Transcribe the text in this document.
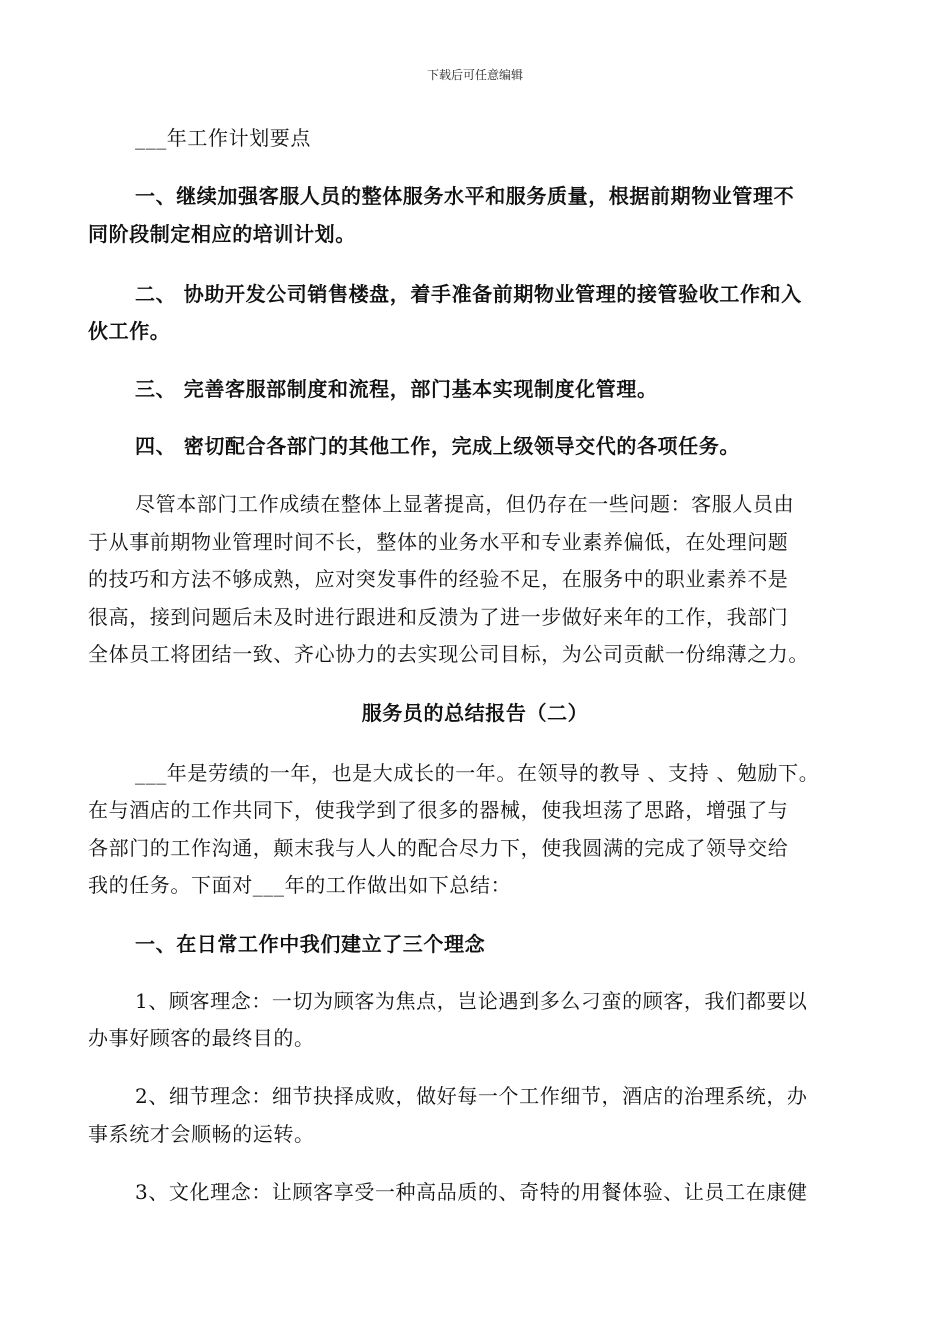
下载后可任意编辑
___年工作计划要点
一、继续加强客服人员的整体服务水平和服务质量，根据前期物业管理不
同阶段制定相应的培训计划。
二、 协助开发公司销售楼盘，着手准备前期物业管理的接管验收工作和入
伙工作。
三、 完善客服部制度和流程，部门基本实现制度化管理。
四、 密切配合各部门的其他工作，完成上级领导交代的各项任务。
尽管本部门工作成绩在整体上显著提高，但仍存在一些问题：客服人员由
于从事前期物业管理时间不长，整体的业务水平和专业素养偏低，在处理问题
的技巧和方法不够成熟，应对突发事件的经验不足，在服务中的职业素养不是
很高，接到问题后未及时进行跟进和反溃为了进一步做好来年的工作，我部门
全体员工将团结一致、齐心协力的去实现公司目标，为公司贡献一份绵薄之力。
服务员的总结报告（二）
___年是劳绩的一年，也是大成长的一年。在领导的教导 、支持 、勉励下。
在与酒店的工作共同下，使我学到了很多的器械，使我坦荡了思路，增强了与
各部门的工作沟通，颠末我与人人的配合尽力下，使我圆满的完成了领导交给
我的任务。下面对___年的工作做出如下总结：
一、在日常工作中我们建立了三个理念
1、顾客理念：一切为顾客为焦点，岂论遇到多么刁蛮的顾客，我们都要以
办事好顾客的最终目的。
2、细节理念：细节抉择成败，做好每一个工作细节，酒店的治理系统，办
事系统才会顺畅的运转。
3、文化理念：让顾客享受一种高品质的、奇特的用餐体验、让员工在康健
